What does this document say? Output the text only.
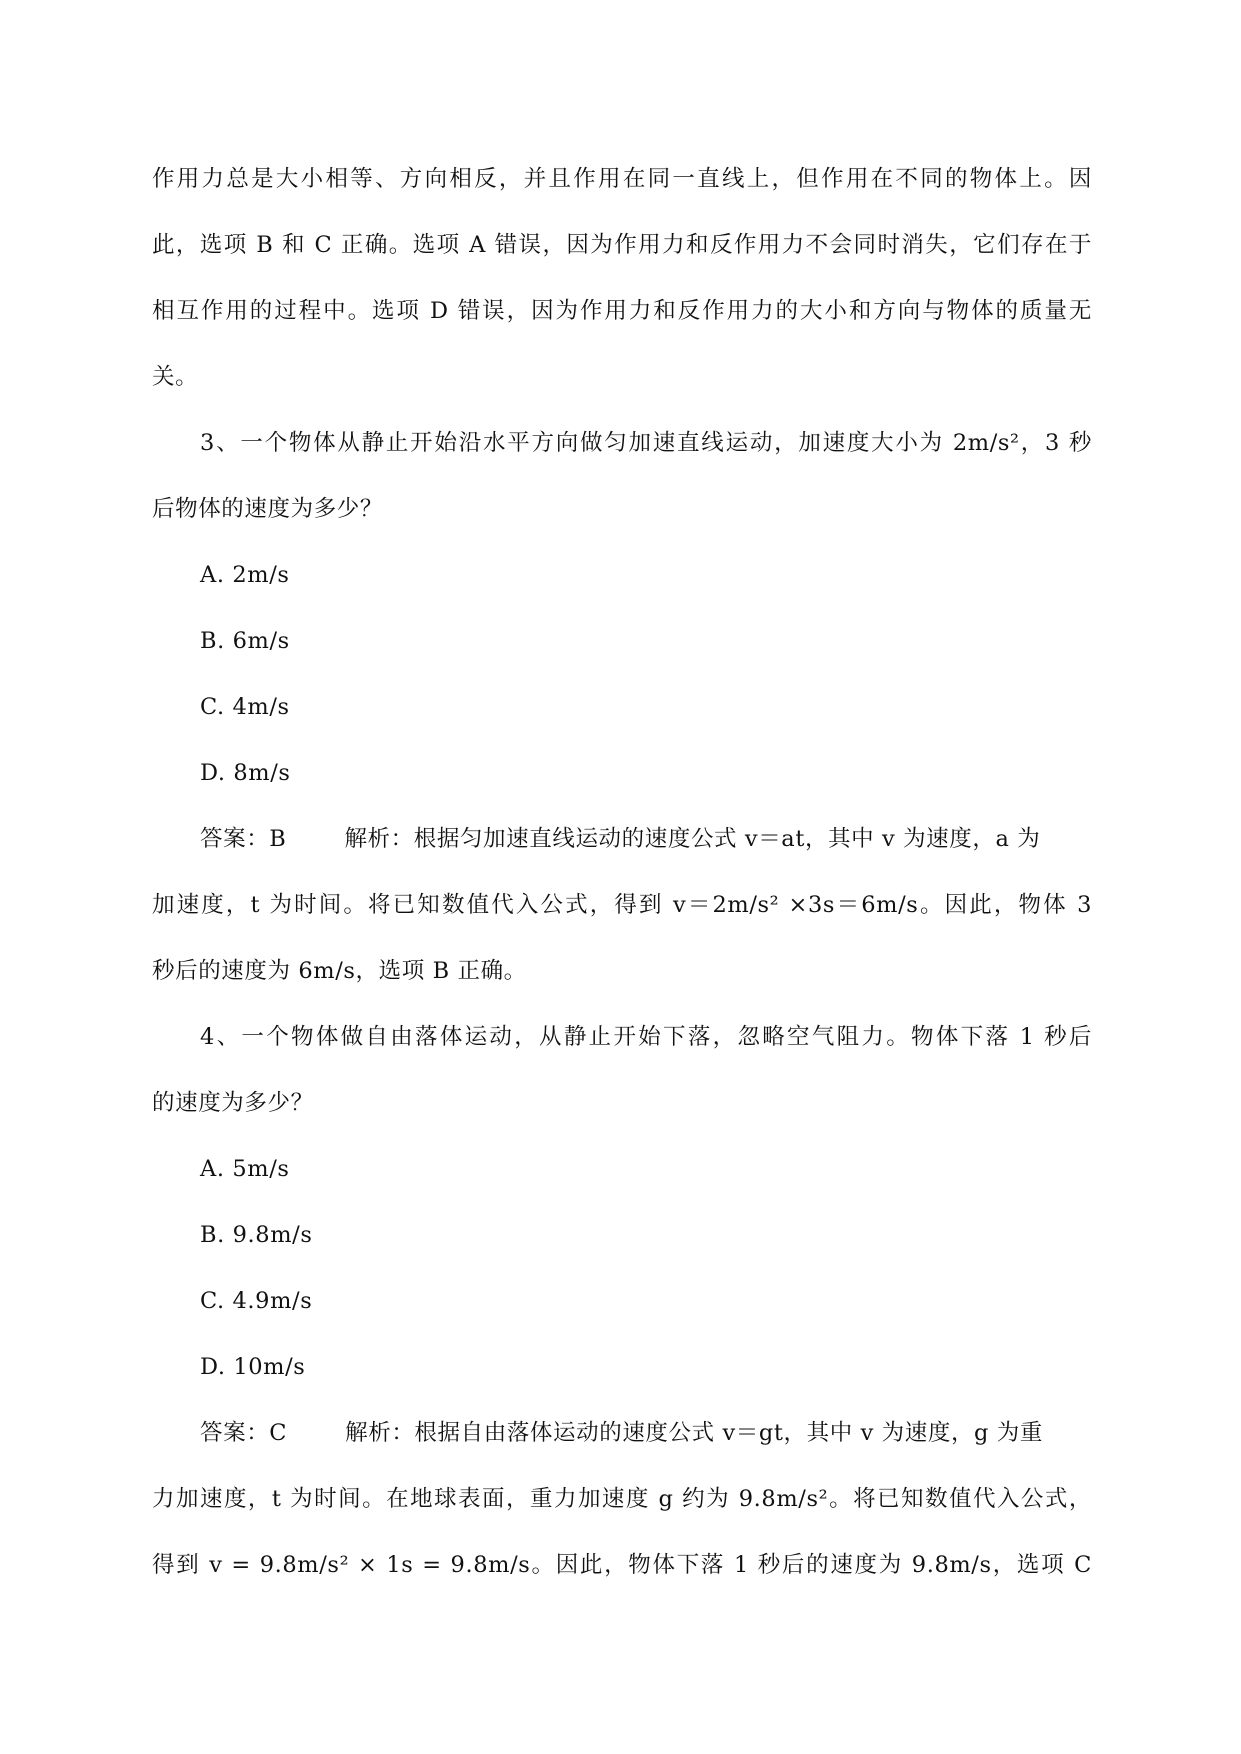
作用力总是大小相等、方向相反，并且作用在同一直线上，但作用在不同的物体上。因
此，选项 B 和 C 正确。选项 A 错误，因为作用力和反作用力不会同时消失，它们存在于
相互作用的过程中。选项 D 错误，因为作用力和反作用力的大小和方向与物体的质量无
关。
3、一个物体从静止开始沿水平方向做匀加速直线运动，加速度大小为 2m/s²，3 秒
后物体的速度为多少？
A. 2m/s
B. 6m/s
C. 4m/s
D. 8m/s
答案：B	解析：根据匀加速直线运动的速度公式 v＝at，其中 v 为速度，a 为
加速度，t 为时间。将已知数值代入公式，得到 v＝2m/s² ×3s＝6m/s。因此，物体 3
秒后的速度为 6m/s，选项 B 正确。
4、一个物体做自由落体运动，从静止开始下落，忽略空气阻力。物体下落 1 秒后
的速度为多少？
A. 5m/s
B. 9.8m/s
C. 4.9m/s
D. 10m/s
答案：C	解析：根据自由落体运动的速度公式 v＝gt，其中 v 为速度，g 为重
力加速度，t 为时间。在地球表面，重力加速度 g 约为 9.8m/s²。将已知数值代入公式，
得到 v = 9.8m/s² × 1s = 9.8m/s。因此，物体下落 1 秒后的速度为 9.8m/s，选项 C
